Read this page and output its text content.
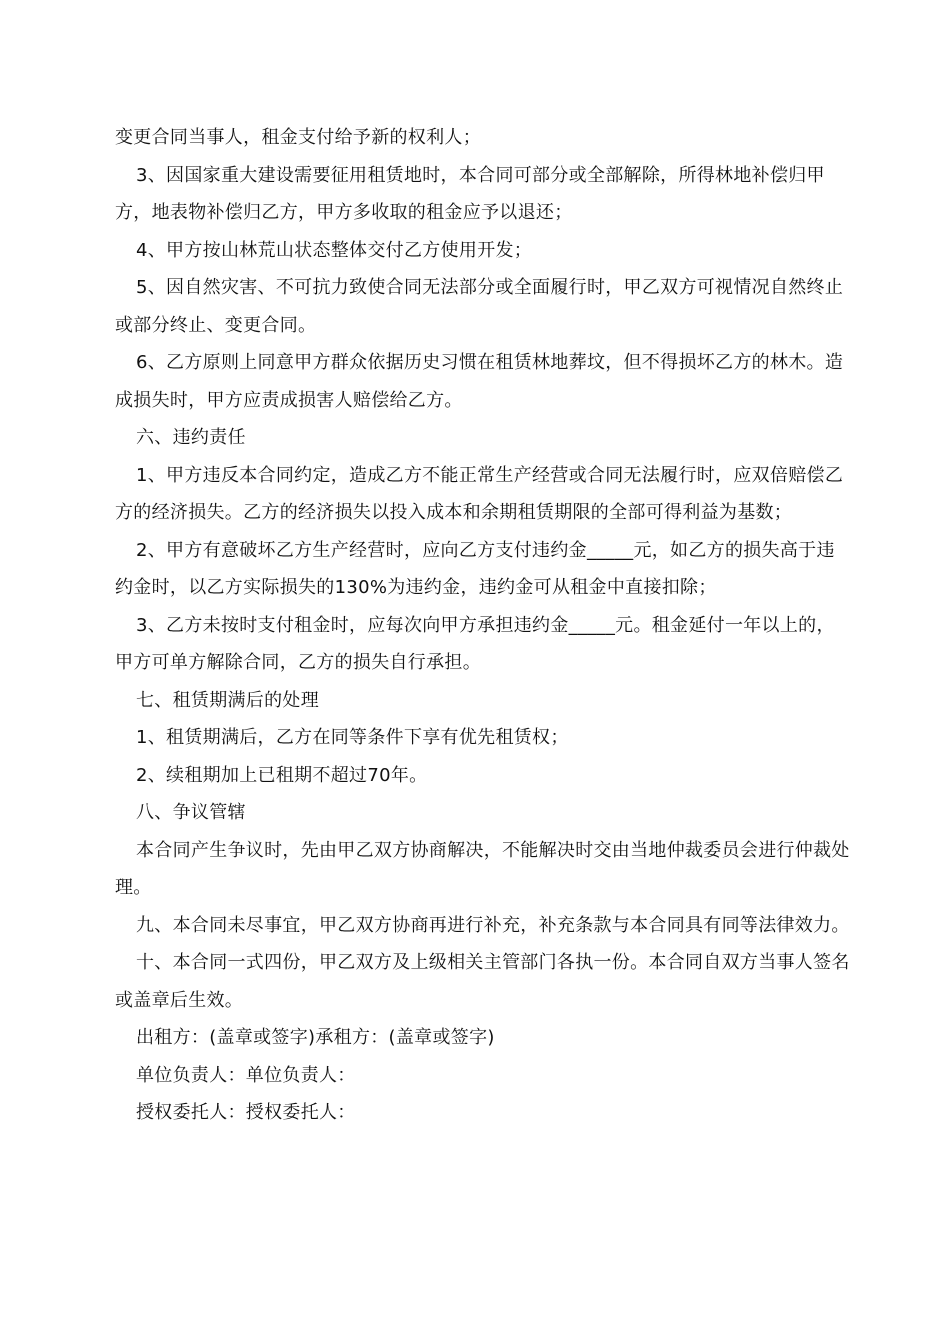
变更合同当事人，租金支付给予新的权利人；

3、因国家重大建设需要征用租赁地时，本合同可部分或全部解除，所得林地补偿归甲方，地表物补偿归乙方，甲方多收取的租金应予以退还；

4、甲方按山林荒山状态整体交付乙方使用开发；

5、因自然灾害、不可抗力致使合同无法部分或全面履行时，甲乙双方可视情况自然终止或部分终止、变更合同。

6、乙方原则上同意甲方群众依据历史习惯在租赁林地葬坟，但不得损坏乙方的林木。造成损失时，甲方应责成损害人赔偿给乙方。

六、违约责任

1、甲方违反本合同约定，造成乙方不能正常生产经营或合同无法履行时，应双倍赔偿乙方的经济损失。乙方的经济损失以投入成本和余期租赁期限的全部可得利益为基数；

2、甲方有意破坏乙方生产经营时，应向乙方支付违约金_____元，如乙方的损失高于违约金时，以乙方实际损失的130%为违约金，违约金可从租金中直接扣除；

3、乙方未按时支付租金时，应每次向甲方承担违约金_____元。租金延付一年以上的，甲方可单方解除合同，乙方的损失自行承担。

七、租赁期满后的处理

1、租赁期满后，乙方在同等条件下享有优先租赁权；

2、续租期加上已租期不超过70年。

八、争议管辖

本合同产生争议时，先由甲乙双方协商解决，不能解决时交由当地仲裁委员会进行仲裁处理。

九、本合同未尽事宜，甲乙双方协商再进行补充，补充条款与本合同具有同等法律效力。

十、本合同一式四份，甲乙双方及上级相关主管部门各执一份。本合同自双方当事人签名或盖章后生效。

出租方：(盖章或签字)承租方：(盖章或签字)

单位负责人：单位负责人：

授权委托人：授权委托人：
